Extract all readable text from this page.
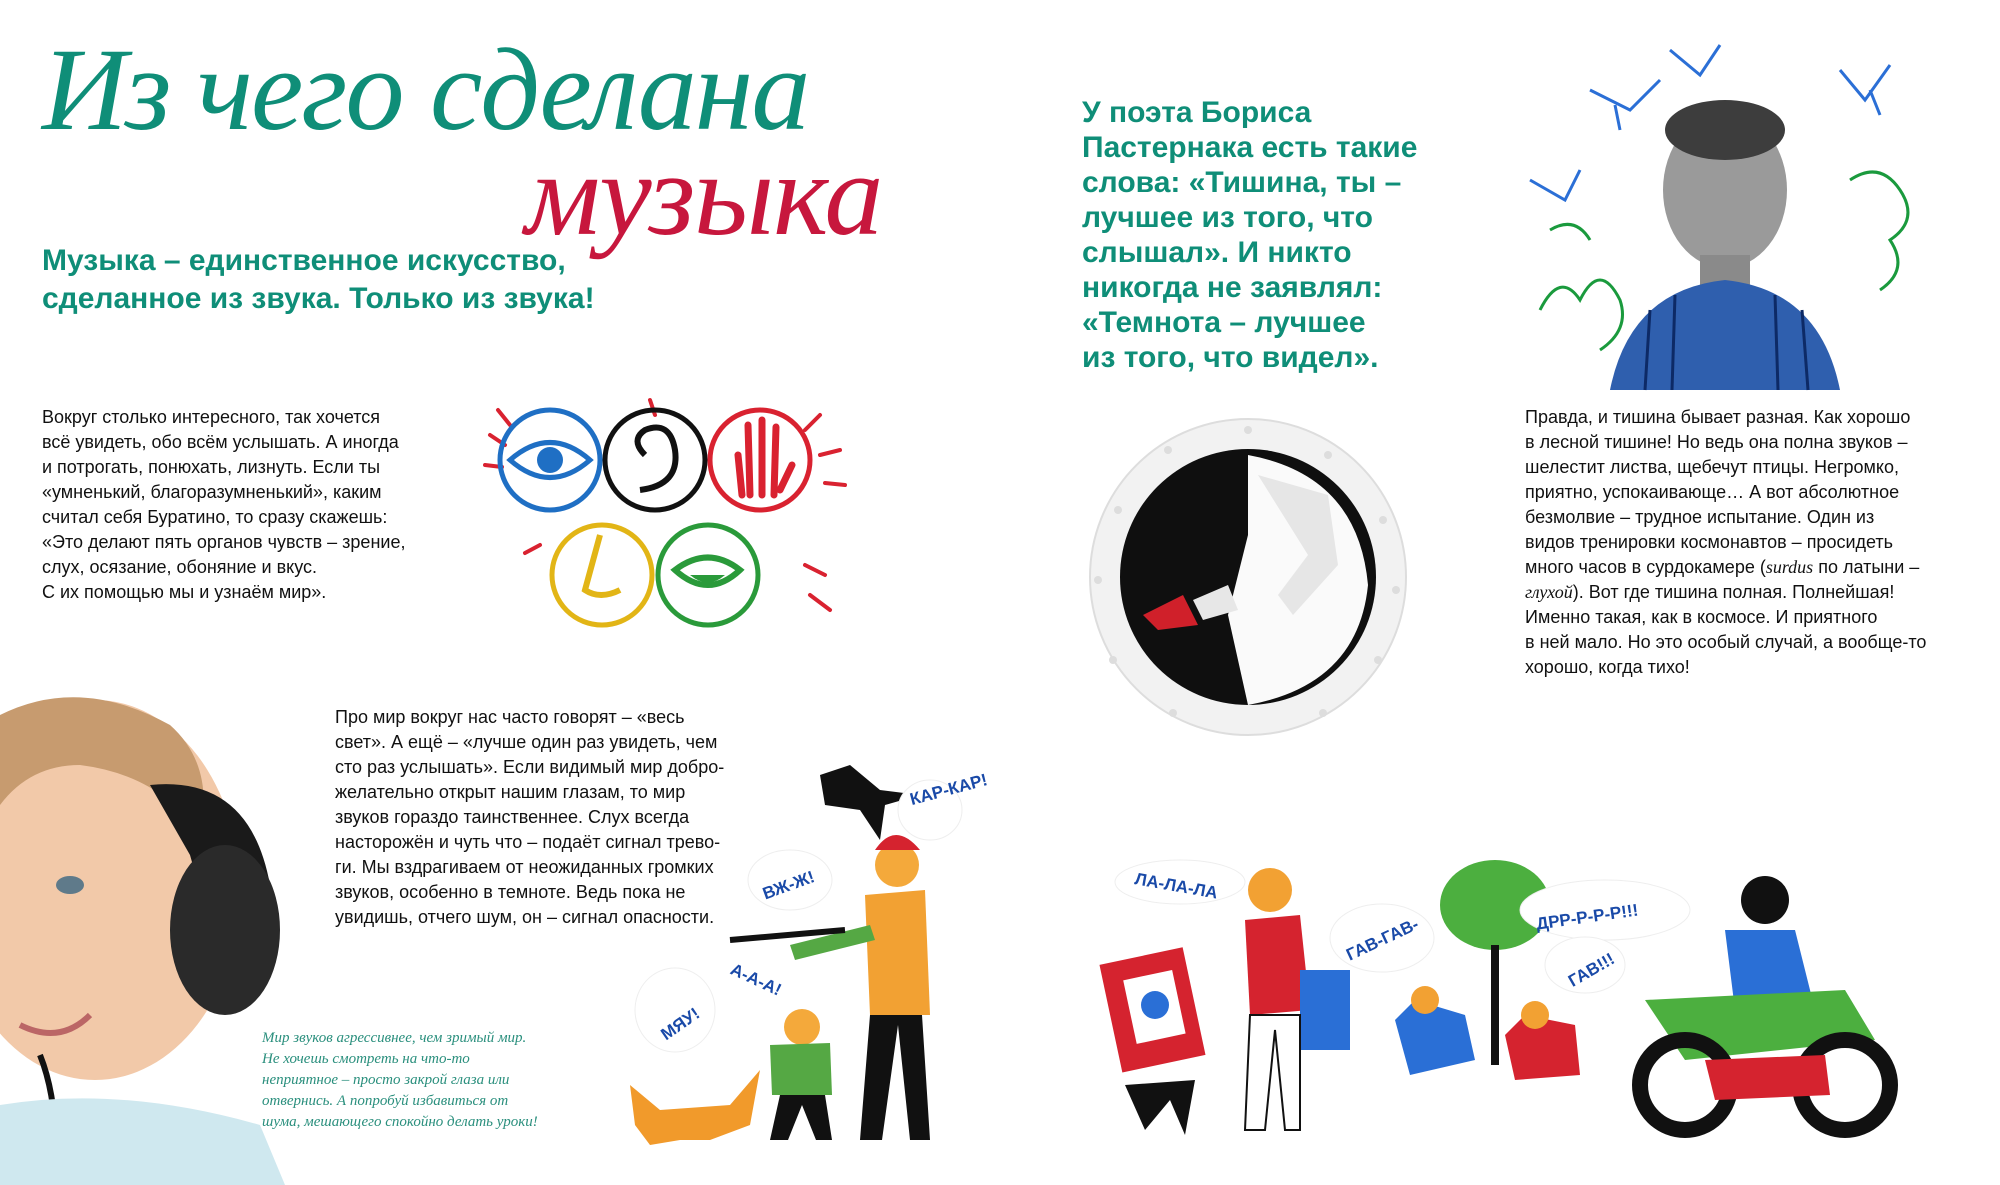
Из чего сделана
музыка
Музыка – единственное искусство,
сделанное из звука. Только из звука!
У поэта Бориса
Пастернака есть такие
слова: «Тишина, ты –
лучшее из того, что
слышал». И никто
никогда не заявлял:
«Темнота – лучшее
из того, что видел».
Вокруг столько интересного, так хочется
всё увидеть, обо всём услышать. А иногда
и потрогать, понюхать, лизнуть. Если ты
«умненький, благоразумненький», каким
считал себя Буратино, то сразу скажешь:
«Это делают пять органов чувств – зрение,
слух, осязание, обоняние и вкус.
С их помощью мы и узнаём мир».
Правда, и тишина бывает разная. Как хорошо
в лесной тишине! Но ведь она полна звуков –
шелестит листва, щебечут птицы. Негромко,
приятно, успокаивающе… А вот абсолютное
безмолвие – трудное испытание. Один из
видов тренировки космонавтов – просидеть
много часов в сурдокамере (surdus по латыни –
глухой). Вот где тишина полная. Полнейшая!
Именно такая, как в космосе. И приятного
в ней мало. Но это особый случай, а вообще-то
хорошо, когда тихо!
Про мир вокруг нас часто говорят – «весь
свет». А ещё – «лучше один раз увидеть, чем
сто раз услышать». Если видимый мир добро-
желательно открыт нашим глазам, то мир
звуков гораздо таинственнее. Слух всегда
насторожён и чуть что – подаёт сигнал трево-
ги. Мы вздрагиваем от неожиданных громких
звуков, особенно в темноте. Ведь пока не
увидишь, отчего шум, он – сигнал опасности.
Мир звуков агрессивнее, чем зримый мир.
Не хочешь смотреть на что-то
неприятное – просто закрой глаза или
отвернись. А попробуй избавиться от
шума, мешающего спокойно делать уроки!
КАР-КАР!
ВЖ-Ж!
МЯУ!
А-А-А!
ЛА-ЛА-ЛА
ГАВ-ГАВ-	ДРР-Р-Р-Р!!!
ГАВ!!!
